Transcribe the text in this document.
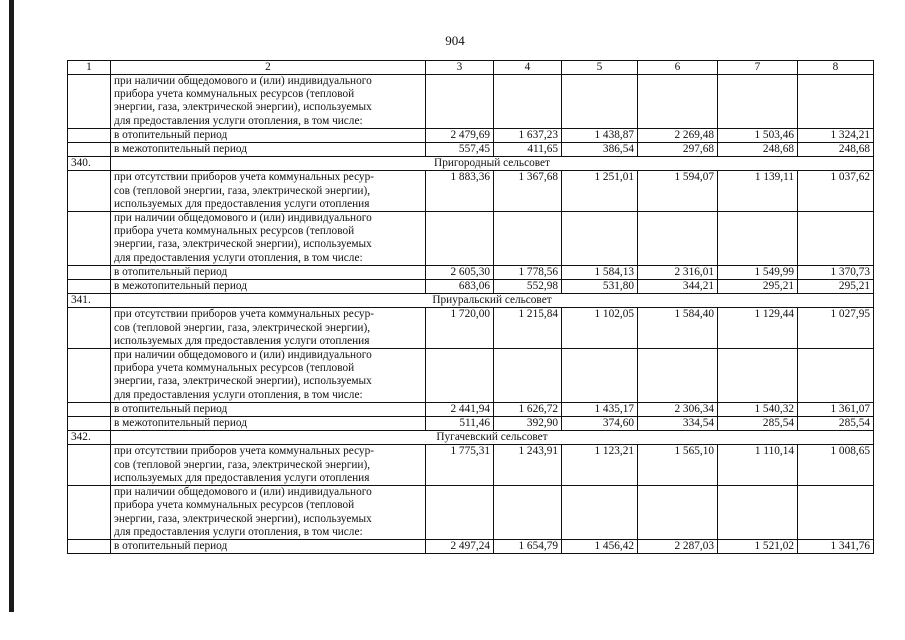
904
1	2	3	4	5	6	7	8
	при наличии общедомового и (или) индивидуального
прибора учета коммунальных ресурсов (тепловой
энергии, газа, электрической энергии), используемых
для предоставления услуги отопления, в том числе:						
	в отопительный период	2 479,69	1 637,23	1 438,87	2 269,48	1 503,46	1 324,21
	в межотопительный период	557,45	411,65	386,54	297,68	248,68	248,68
340.	Пригородный сельсовет						
	при отсутствии приборов учета коммунальных ресур-
сов (тепловой энергии, газа, электрической энергии),
используемых для предоставления услуги отопления	1 883,36	1 367,68	1 251,01	1 594,07	1 139,11	1 037,62
	при наличии общедомового и (или) индивидуального
прибора учета коммунальных ресурсов (тепловой
энергии, газа, электрической энергии), используемых
для предоставления услуги отопления, в том числе:						
	в отопительный период	2 605,30	1 778,56	1 584,13	2 316,01	1 549,99	1 370,73
	в межотопительный период	683,06	552,98	531,80	344,21	295,21	295,21
341.	Приуральский сельсовет						
	при отсутствии приборов учета коммунальных ресур-
сов (тепловой энергии, газа, электрической энергии),
используемых для предоставления услуги отопления	1 720,00	1 215,84	1 102,05	1 584,40	1 129,44	1 027,95
	при наличии общедомового и (или) индивидуального
прибора учета коммунальных ресурсов (тепловой
энергии, газа, электрической энергии), используемых
для предоставления услуги отопления, в том числе:						
	в отопительный период	2 441,94	1 626,72	1 435,17	2 306,34	1 540,32	1 361,07
	в межотопительный период	511,46	392,90	374,60	334,54	285,54	285,54
342.	Пугачевский сельсовет						
	при отсутствии приборов учета коммунальных ресур-
сов (тепловой энергии, газа, электрической энергии),
используемых для предоставления услуги отопления	1 775,31	1 243,91	1 123,21	1 565,10	1 110,14	1 008,65
	при наличии общедомового и (или) индивидуального
прибора учета коммунальных ресурсов (тепловой
энергии, газа, электрической энергии), используемых
для предоставления услуги отопления, в том числе:						
	в отопительный период	2 497,24	1 654,79	1 456,42	2 287,03	1 521,02	1 341,76
